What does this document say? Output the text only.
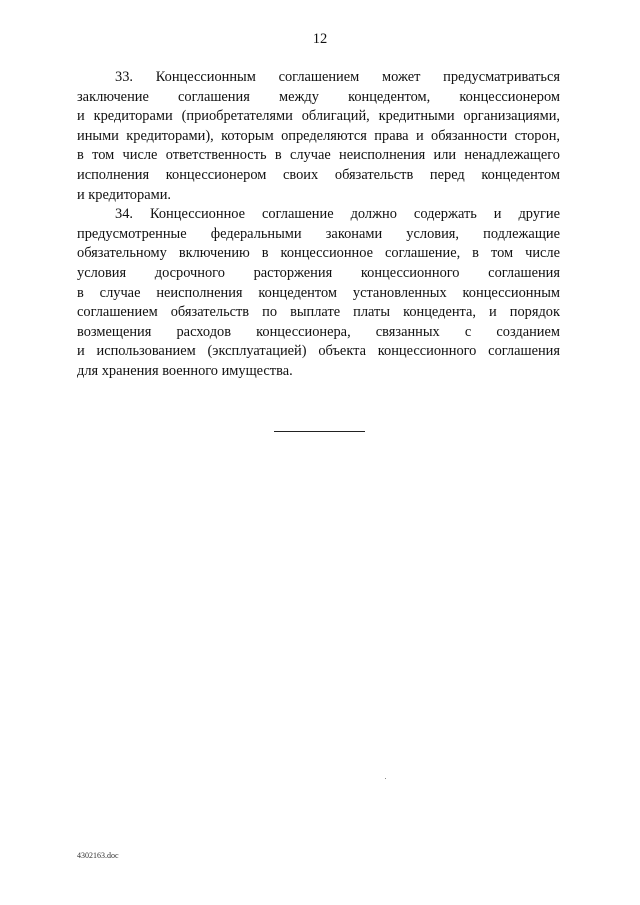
12

33. Концессионным соглашением может предусматриваться
заключение соглашения между концедентом, концессионером
и кредиторами (приобретателями облигаций, кредитными организациями,
иными кредиторами), которым определяются права и обязанности сторон,
в том числе ответственность в случае неисполнения или ненадлежащего
исполнения концессионером своих обязательств перед концедентом
и кредиторами.

34. Концессионное соглашение должно содержать и другие
предусмотренные федеральными законами условия, подлежащие
обязательному включению в концессионное соглашение, в том числе
условия досрочного расторжения концессионного соглашения
в случае неисполнения концедентом установленных концессионным
соглашением обязательств по выплате платы концедента, и порядок
возмещения расходов концессионера, связанных с созданием
и использованием (эксплуатацией) объекта концессионного соглашения
для хранения военного имущества.

4302163.doc
